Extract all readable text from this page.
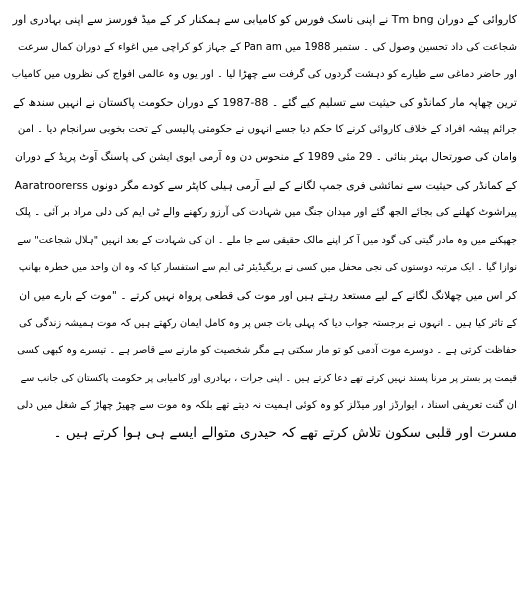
کاروائی کے دوران Tm bng نے اپنی ناسک فورس کو کامیابی سے ہمکنار کر کے میڈ فورسز سے اپنی بہادری اور
شجاعت کی داد تحسین وصول کی ۔ ستمبر 1988 میں Pan am کے جہاز کو کراچی میں اغواء کے دوران کمال سرعت
اور حاضر دماغی سے طیارے کو دہشت گردوں کی گرفت سے چھڑا لیا ۔ اور یوں وہ عالمی افواج کی نظروں میں کامیاب
ترین چھاپہ مار کمانڈو کی حیثیت سے تسلیم کیے گئے ۔ 88-1987 کے دوران حکومت پاکستان نے انہیں سندھ کے
جرائم پیشہ افراد کے خلاف کاروائی کرنے کا حکم دیا جسے انہوں نے حکومتی پالیسی کے تحت بخوبی سرانجام دیا ۔ امن
وامان کی صورتحال بہتر بنائی ۔ 29 مئی 1989 کے منحوس دن وہ آرمی ایوی ایشن کی پاسنگ آوٹ پریڈ کے دوران
Aaratroorerss کے کمانڈر کی حیثیت سے نمائشی فری جمپ لگانے کے لیے آرمی ہیلی کاپٹر سے کودے مگر دونوں
پیراشوٹ کھلنے کی بجائے الجھ گئے اور میدان جنگ میں شہادت کی آرزو رکھنے والے ٹی ایم کی دلی مراد بر آئی ۔ پلک
جھپکنے میں وہ مادر گیتی کی گود میں آ کر اپنے مالک حقیقی سے جا ملے ۔ ان کی شہادت کے بعد انہیں "ہلال شجاعت" سے
نوازا گیا ۔ ایک مرتبہ دوستوں کی نجی محفل میں کسی نے بریگیڈیئر ٹی ایم سے استفسار کیا کہ وہ ان واحد میں خطرہ بھانپ
کر اس میں چھلانگ لگانے کے لیے مستعد رہتے ہیں اور موت کی قطعی پرواہ نہیں کرتے ۔ "موت کے بارے میں ان
کے تاثر کیا ہیں ۔ انہوں نے برجستہ جواب دیا کہ پہلی بات جس پر وہ کامل ایمان رکھتے ہیں کہ موت ہمیشہ زندگی کی
حفاظت کرتی ہے ۔ دوسرے موت آدمی کو تو مار سکتی ہے مگر شخصیت کو مارنے سے قاصر ہے ۔ تیسرے وہ کبھی کسی
قیمت پر بستر پر مرنا پسند نہیں کرتے تھے دعا کرتے ہیں ۔ اپنی جرات ، بہادری اور کامیابی پر حکومت پاکستان کی جانب سے
ان گنت تعریفی اسناد ، ایوارڈز اور میڈلز کو وہ کوئی اہمیت نہ دیتے تھے بلکہ وہ موت سے چھیڑ چھاڑ کے شغل میں دلی
مسرت اور قلبی سکون تلاش کرتے تھے کہ حیدری متوالے ایسے ہی ہوا کرتے ہیں ۔
